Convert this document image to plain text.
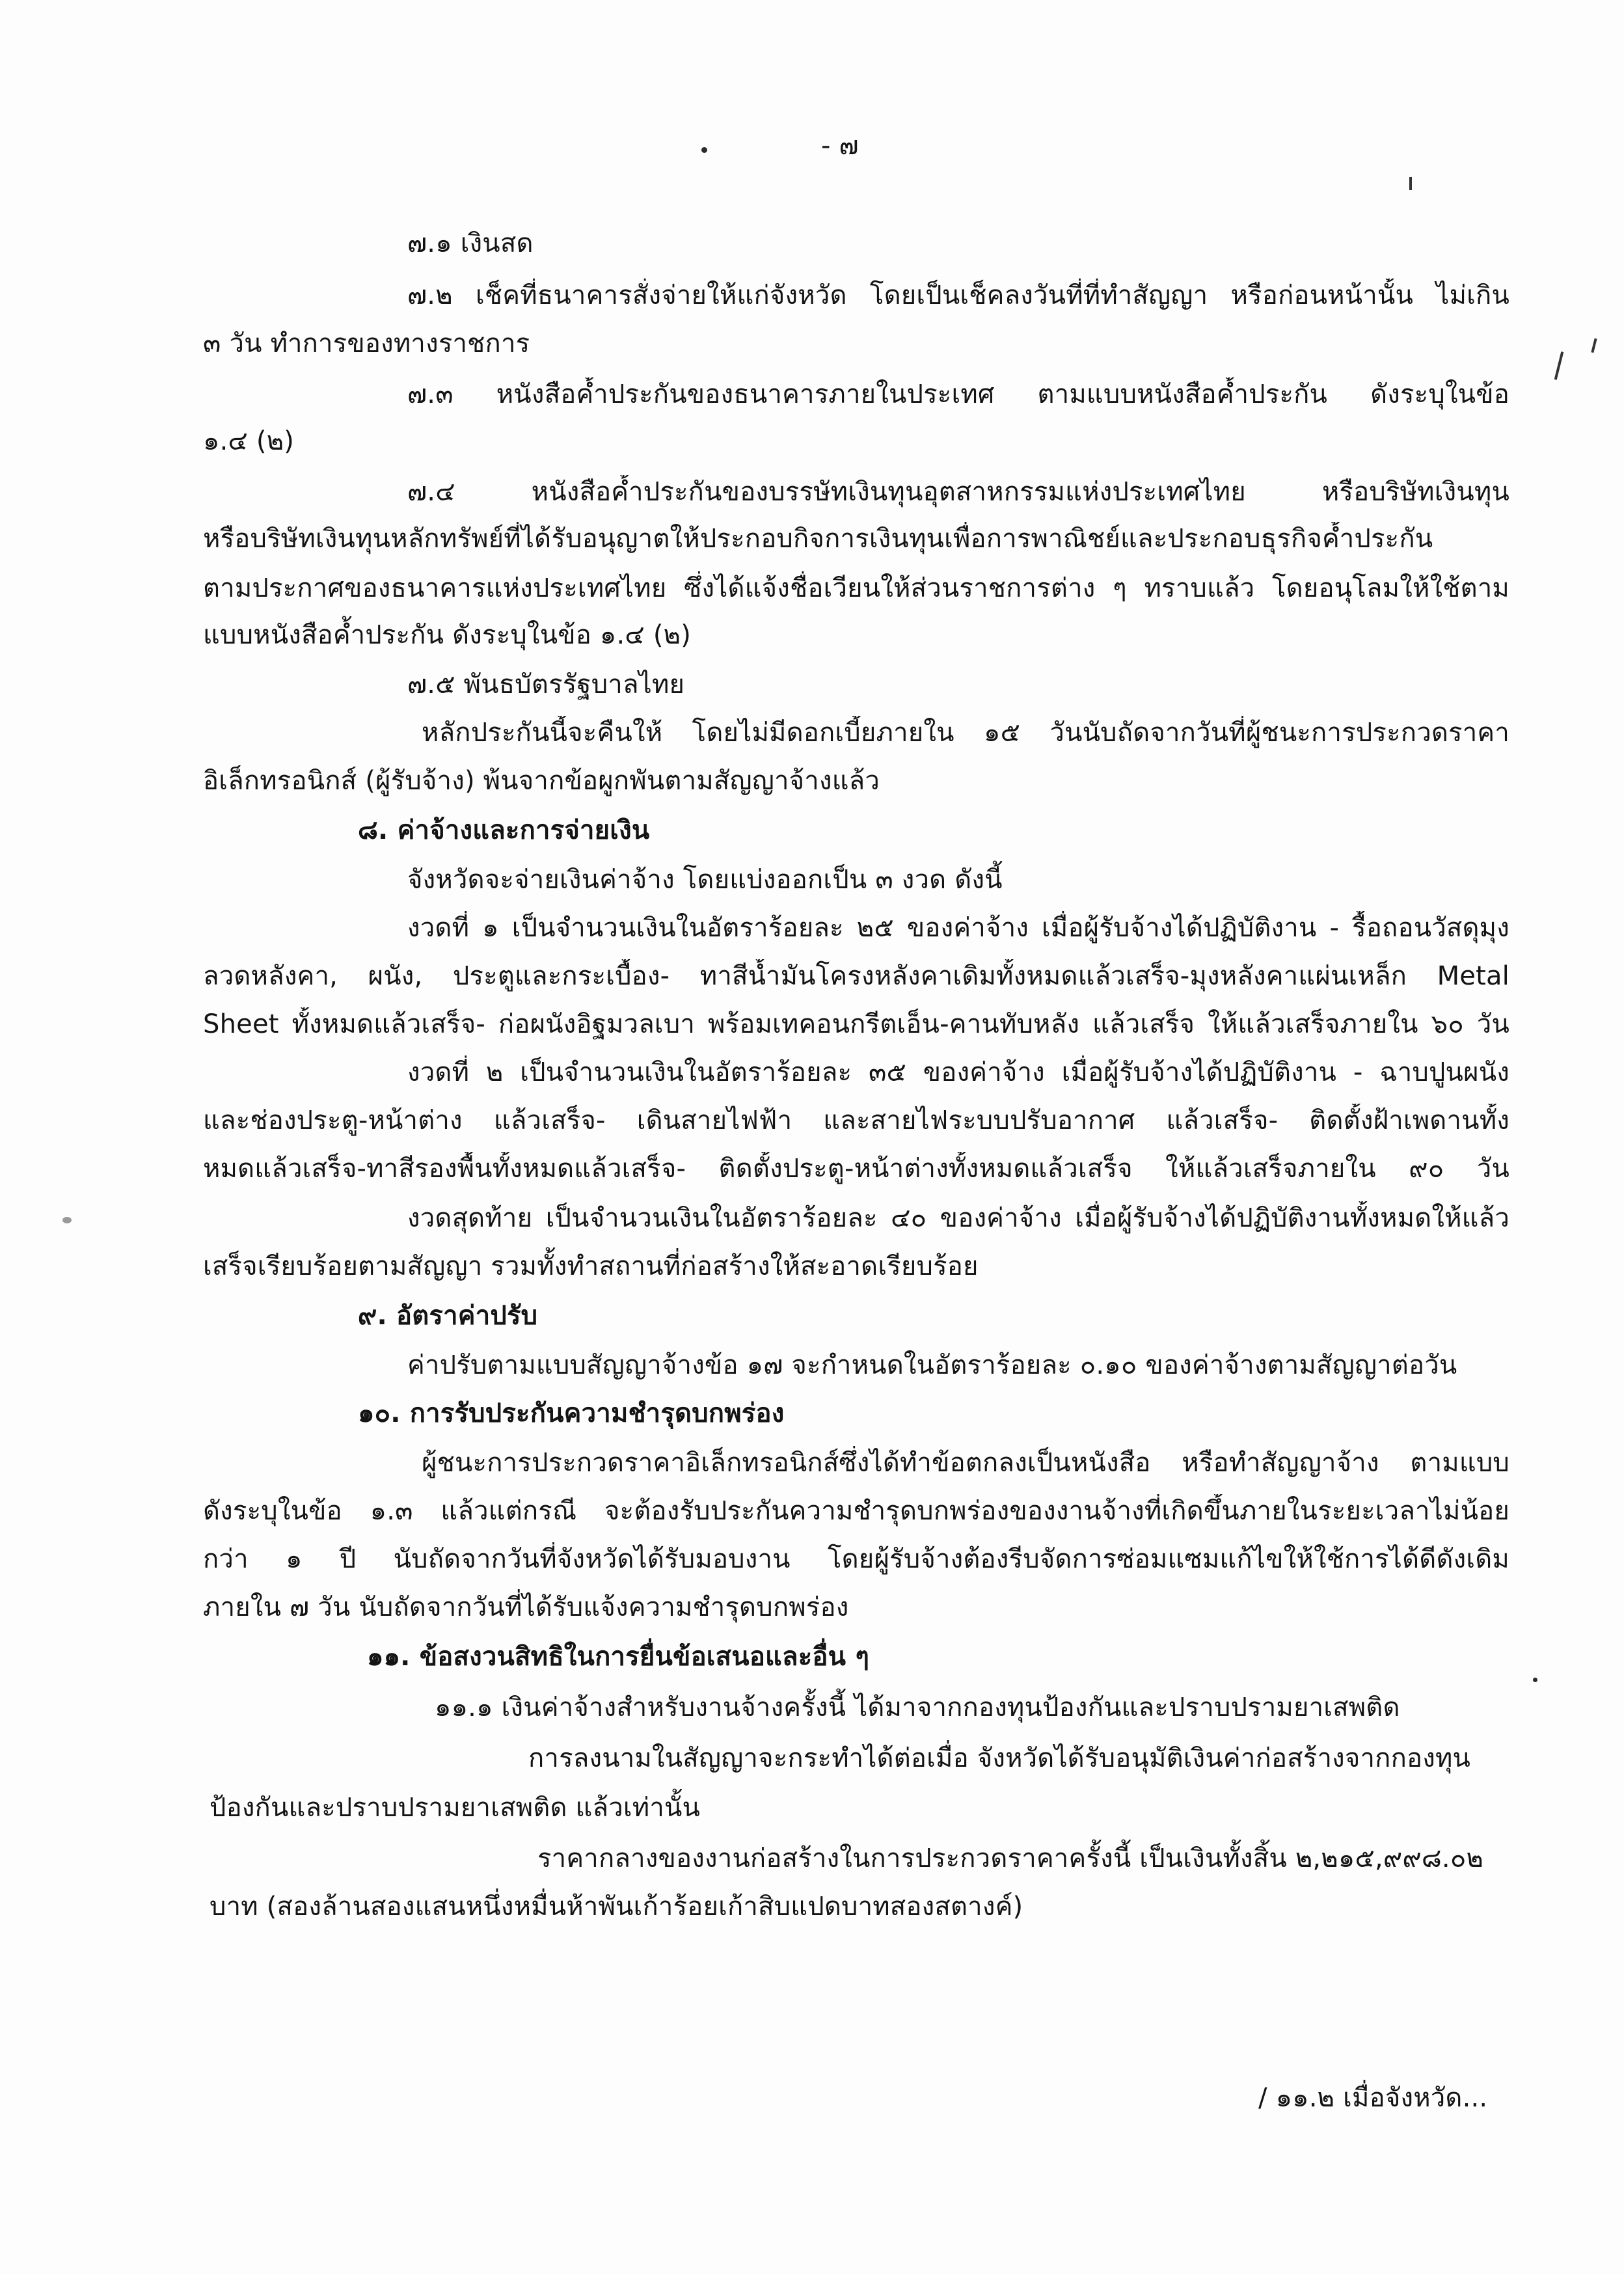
- ๗
๗.๑ เงินสด
๗.๒ เช็คที่ธนาคารสั่งจ่ายให้แก่จังหวัด โดยเป็นเช็คลงวันที่ที่ทำสัญญา หรือก่อนหน้านั้น ไม่เกิน
๓ วัน ทำการของทางราชการ
๗.๓ หนังสือค้ำประกันของธนาคารภายในประเทศ ตามแบบหนังสือค้ำประกัน ดังระบุในข้อ
๑.๔ (๒)
๗.๔ หนังสือค้ำประกันของบรรษัทเงินทุนอุตสาหกรรมแห่งประเทศไทย หรือบริษัทเงินทุน
หรือบริษัทเงินทุนหลักทรัพย์ที่ได้รับอนุญาตให้ประกอบกิจการเงินทุนเพื่อการพาณิชย์และประกอบธุรกิจค้ำประกัน
ตามประกาศของธนาคารแห่งประเทศไทย ซึ่งได้แจ้งชื่อเวียนให้ส่วนราชการต่าง ๆ ทราบแล้ว โดยอนุโลมให้ใช้ตาม
แบบหนังสือค้ำประกัน ดังระบุในข้อ ๑.๔ (๒)
๗.๕ พันธบัตรรัฐบาลไทย
หลักประกันนี้จะคืนให้ โดยไม่มีดอกเบี้ยภายใน ๑๕ วันนับถัดจากวันที่ผู้ชนะการประกวดราคา
อิเล็กทรอนิกส์ (ผู้รับจ้าง) พ้นจากข้อผูกพันตามสัญญาจ้างแล้ว
๘. ค่าจ้างและการจ่ายเงิน
จังหวัดจะจ่ายเงินค่าจ้าง โดยแบ่งออกเป็น ๓ งวด ดังนี้
งวดที่ ๑ เป็นจำนวนเงินในอัตราร้อยละ ๒๕ ของค่าจ้าง เมื่อผู้รับจ้างได้ปฏิบัติงาน - รื้อถอนวัสดุมุง
ลวดหลังคา, ผนัง, ประตูและกระเบื้อง- ทาสีน้ำมันโครงหลังคาเดิมทั้งหมดแล้วเสร็จ-มุงหลังคาแผ่นเหล็ก Metal
Sheet ทั้งหมดแล้วเสร็จ- ก่อผนังอิฐมวลเบา พร้อมเทคอนกรีตเอ็น-คานทับหลัง แล้วเสร็จ ให้แล้วเสร็จภายใน ๖๐ วัน
งวดที่ ๒ เป็นจำนวนเงินในอัตราร้อยละ ๓๕ ของค่าจ้าง เมื่อผู้รับจ้างได้ปฏิบัติงาน - ฉาบปูนผนัง
และช่องประตู-หน้าต่าง แล้วเสร็จ- เดินสายไฟฟ้า และสายไฟระบบปรับอากาศ แล้วเสร็จ- ติดตั้งฝ้าเพดานทั้ง
หมดแล้วเสร็จ-ทาสีรองพื้นทั้งหมดแล้วเสร็จ- ติดตั้งประตู-หน้าต่างทั้งหมดแล้วเสร็จ ให้แล้วเสร็จภายใน ๙๐ วัน
งวดสุดท้าย เป็นจำนวนเงินในอัตราร้อยละ ๔๐ ของค่าจ้าง เมื่อผู้รับจ้างได้ปฏิบัติงานทั้งหมดให้แล้ว
เสร็จเรียบร้อยตามสัญญา รวมทั้งทำสถานที่ก่อสร้างให้สะอาดเรียบร้อย
๙. อัตราค่าปรับ
ค่าปรับตามแบบสัญญาจ้างข้อ ๑๗ จะกำหนดในอัตราร้อยละ ๐.๑๐ ของค่าจ้างตามสัญญาต่อวัน
๑๐. การรับประกันความชำรุดบกพร่อง
ผู้ชนะการประกวดราคาอิเล็กทรอนิกส์ซึ่งได้ทำข้อตกลงเป็นหนังสือ หรือทำสัญญาจ้าง ตามแบบ
ดังระบุในข้อ ๑.๓ แล้วแต่กรณี จะต้องรับประกันความชำรุดบกพร่องของงานจ้างที่เกิดขึ้นภายในระยะเวลาไม่น้อย
กว่า ๑ ปี นับถัดจากวันที่จังหวัดได้รับมอบงาน โดยผู้รับจ้างต้องรีบจัดการซ่อมแซมแก้ไขให้ใช้การได้ดีดังเดิม
ภายใน ๗ วัน นับถัดจากวันที่ได้รับแจ้งความชำรุดบกพร่อง
๑๑. ข้อสงวนสิทธิในการยื่นข้อเสนอและอื่น ๆ
๑๑.๑ เงินค่าจ้างสำหรับงานจ้างครั้งนี้ ได้มาจากกองทุนป้องกันและปราบปรามยาเสพติด
การลงนามในสัญญาจะกระทำได้ต่อเมื่อ จังหวัดได้รับอนุมัติเงินค่าก่อสร้างจากกองทุน
ป้องกันและปราบปรามยาเสพติด แล้วเท่านั้น
ราคากลางของงานก่อสร้างในการประกวดราคาครั้งนี้ เป็นเงินทั้งสิ้น ๒,๒๑๕,๙๙๘.๐๒
บาท (สองล้านสองแสนหนึ่งหมื่นห้าพันเก้าร้อยเก้าสิบแปดบาทสองสตางค์)
/ ๑๑.๒ เมื่อจังหวัด...
